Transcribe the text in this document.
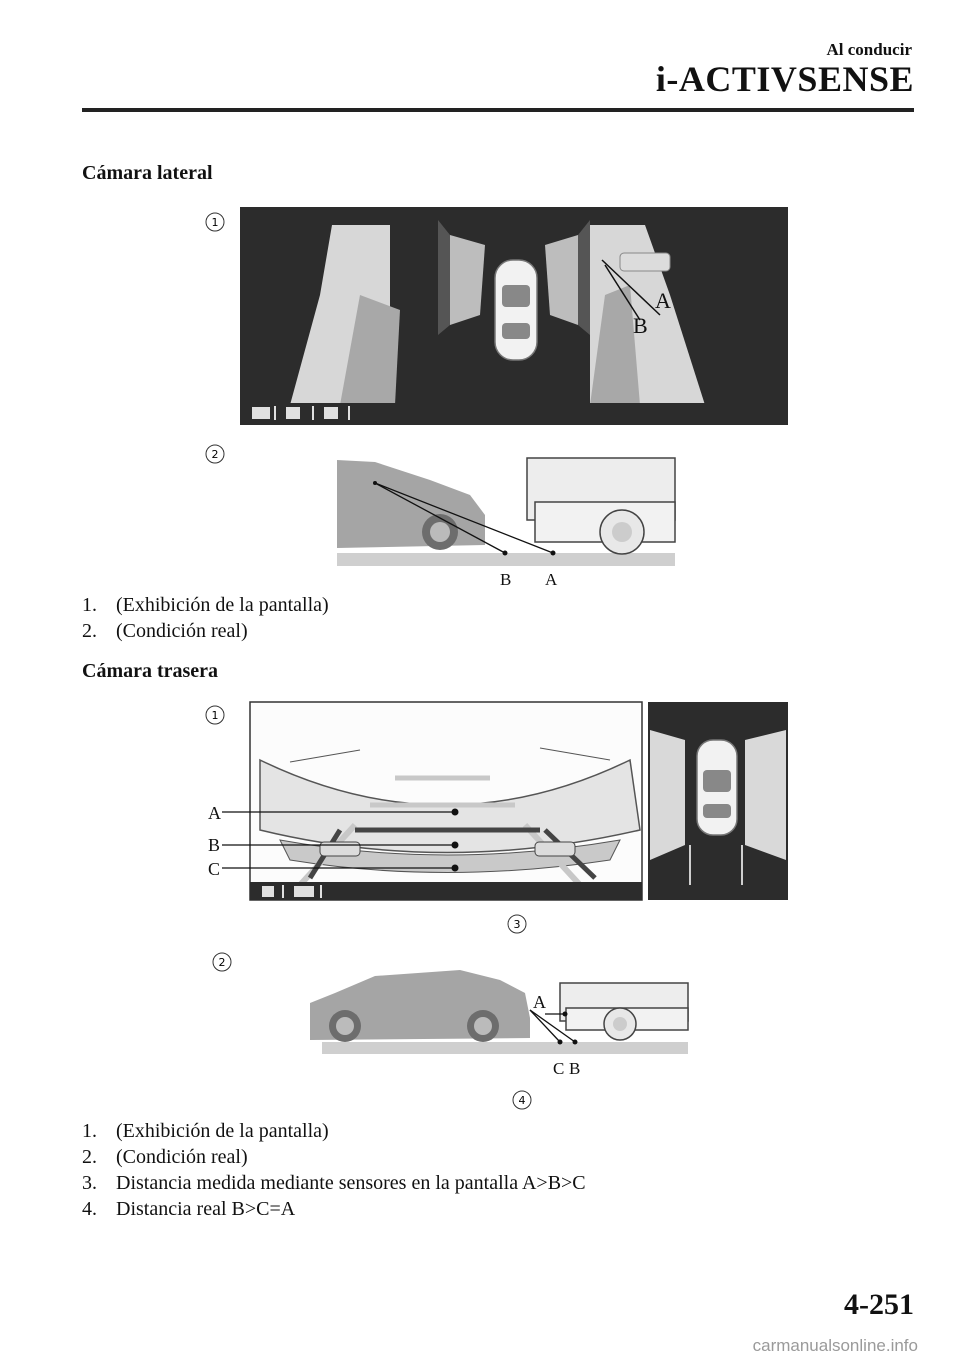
Al conducir
i-ACTIVSENSE
Cámara lateral
1
A
B
2
B A
1. (Exhibición de la pantalla)
2. (Condición real)
Cámara trasera
1
A
B
C
3
2
A
C B
4
1. (Exhibición de la pantalla)
2. (Condición real)
3. Distancia medida mediante sensores en la pantalla A>B>C
4. Distancia real B>C=A
4-251
carmanualsonline.info
